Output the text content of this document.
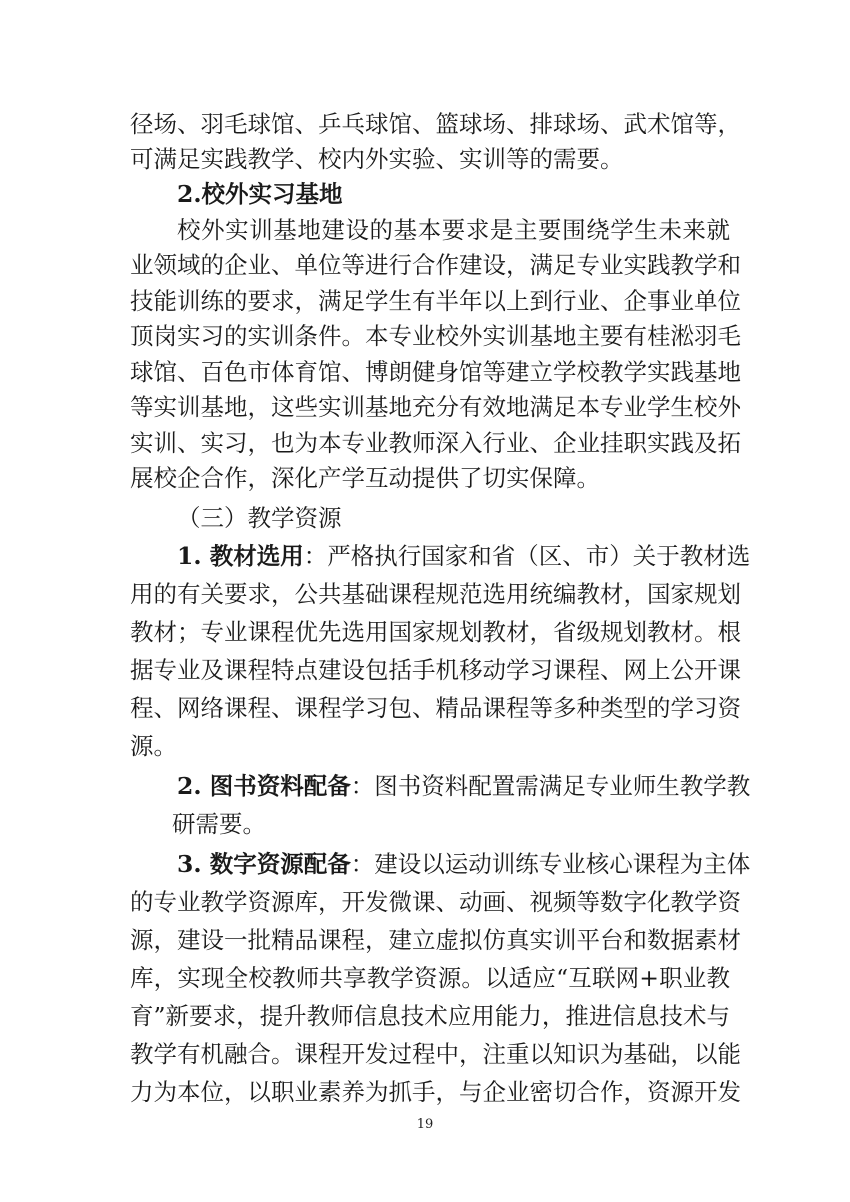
径场、羽毛球馆、乒乓球馆、篮球场、排球场、武术馆等，
可满足实践教学、校内外实验、实训等的需要。
2.校外实习基地
校外实训基地建设的基本要求是主要围绕学生未来就
业领域的企业、单位等进行合作建设，满足专业实践教学和
技能训练的要求，满足学生有半年以上到行业、企事业单位
顶岗实习的实训条件。本专业校外实训基地主要有桂淞羽毛
球馆、百色市体育馆、博朗健身馆等建立学校教学实践基地
等实训基地，这些实训基地充分有效地满足本专业学生校外
实训、实习，也为本专业教师深入行业、企业挂职实践及拓
展校企合作，深化产学互动提供了切实保障。
（三）教学资源
1. 教材选用：严格执行国家和省（区、市）关于教材选
用的有关要求，公共基础课程规范选用统编教材，国家规划
教材；专业课程优先选用国家规划教材，省级规划教材。根
据专业及课程特点建设包括手机移动学习课程、网上公开课
程、网络课程、课程学习包、精品课程等多种类型的学习资
源。
2. 图书资料配备：图书资料配置需满足专业师生教学教
研需要。
3. 数字资源配备：建设以运动训练专业核心课程为主体
的专业教学资源库，开发微课、动画、视频等数字化教学资
源，建设一批精品课程，建立虚拟仿真实训平台和数据素材
库，实现全校教师共享教学资源。以适应“互联网+职业教
育”新要求，提升教师信息技术应用能力，推进信息技术与
教学有机融合。课程开发过程中，注重以知识为基础，以能
力为本位，以职业素养为抓手，与企业密切合作，资源开发
19
